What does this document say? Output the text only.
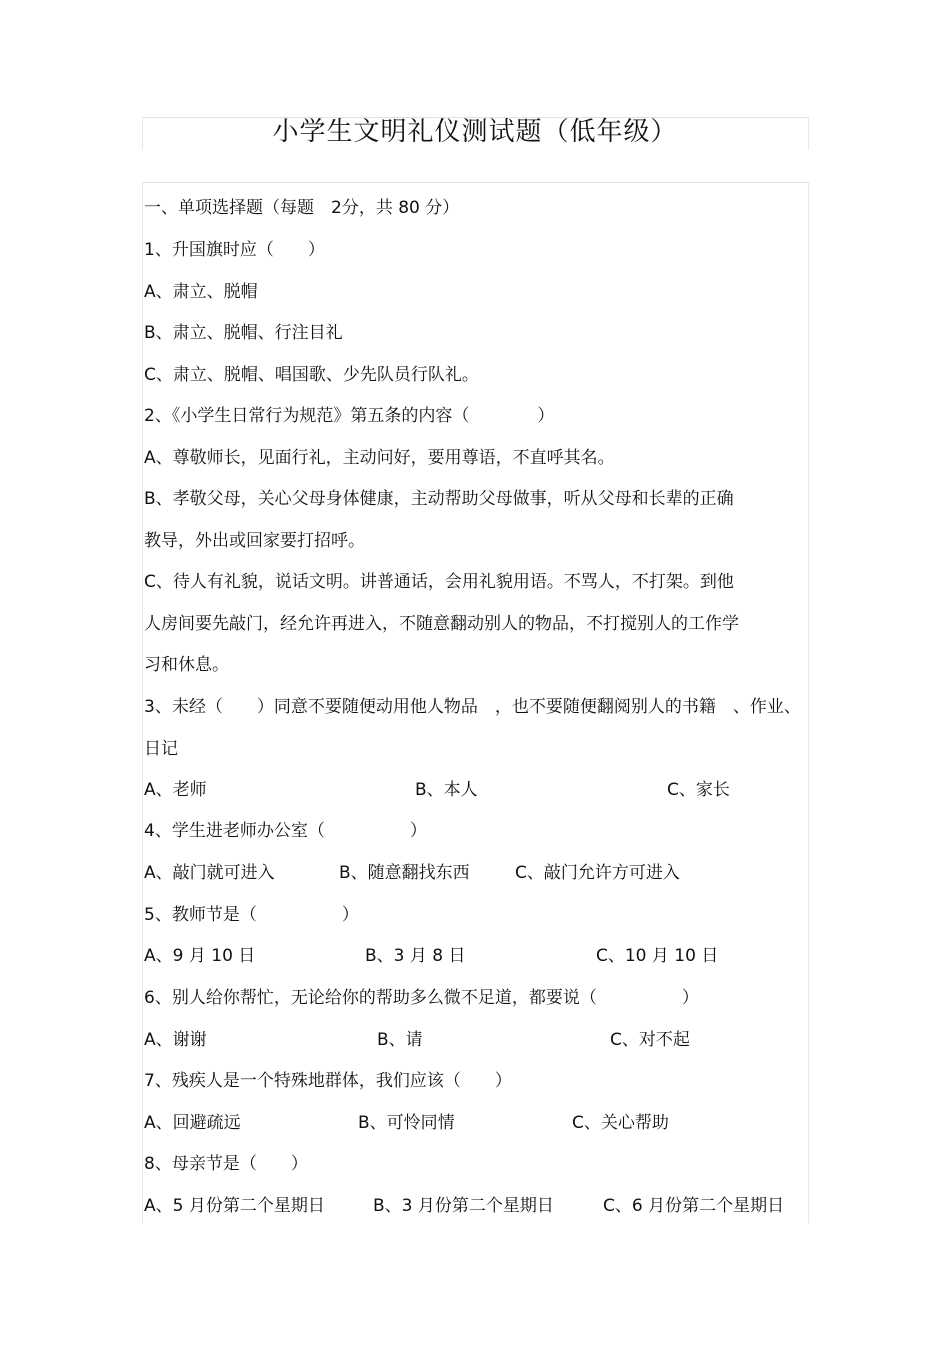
小学生文明礼仪测试题（低年级）
一、单项选择题（每题　2分，共 80 分）
1、升国旗时应（　　）
A、肃立、脱帽
B、肃立、脱帽、行注目礼
C、肃立、脱帽、唱国歌、少先队员行队礼。
2、《小学生日常行为规范》第五条的内容（　　　　）
A、尊敬师长，见面行礼，主动问好，要用尊语，不直呼其名。
B、孝敬父母，关心父母身体健康，主动帮助父母做事，听从父母和长辈的正确
教导，外出或回家要打招呼。
C、待人有礼貌，说话文明。讲普通话，会用礼貌用语。不骂人，不打架。到他
人房间要先敲门，经允许再进入，不随意翻动别人的物品，不打搅别人的工作学
习和休息。
3、未经（　　）同意不要随便动用他人物品　，也不要随便翻阅别人的书籍　、作业、
日记
A、老师	B、本人	C、家长
4、学生进老师办公室（　　　　　）
A、敲门就可进入	B、随意翻找东西	C、敲门允许方可进入
5、教师节是（　　　　　）
A、9 月 10 日	B、3 月 8 日	C、10 月 10 日
6、别人给你帮忙，无论给你的帮助多么微不足道，都要说（　　　　　）
A、谢谢	B、请	C、对不起
7、残疾人是一个特殊地群体，我们应该（　　）
A、回避疏远	B、可怜同情	C、关心帮助
8、母亲节是（　　）
A、5 月份第二个星期日	B、3 月份第二个星期日	C、6 月份第二个星期日
